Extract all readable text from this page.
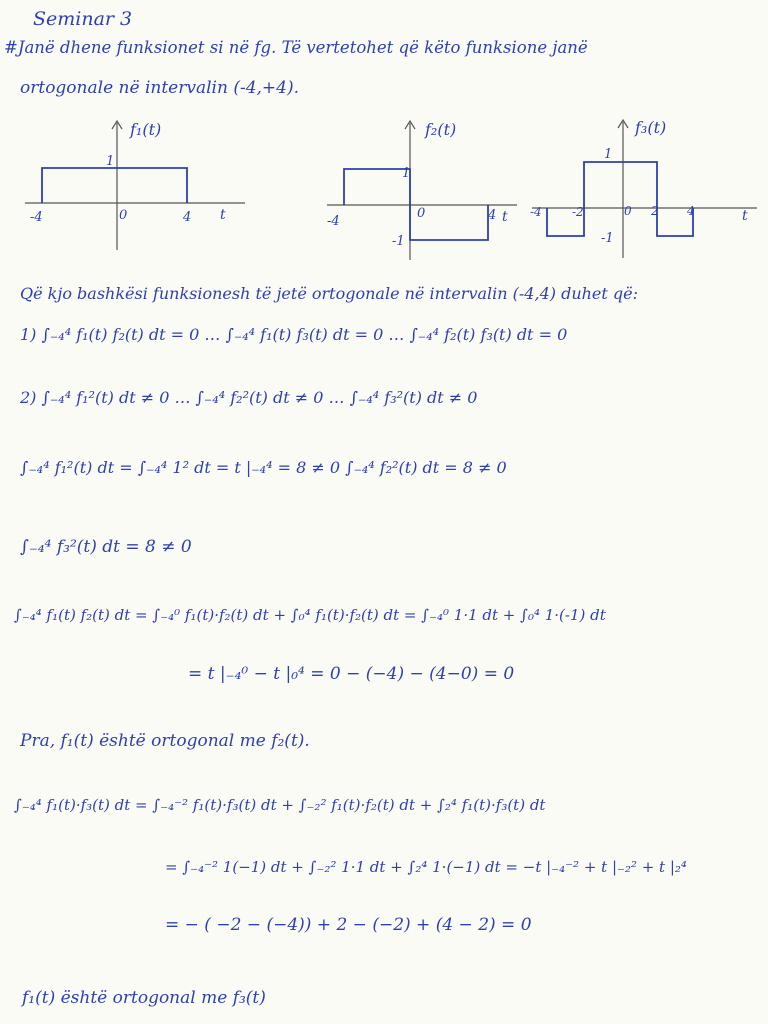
Seminar 3
#Janë dhene funksionet si në fg. Të vertetohet që këto funksione janë
ortogonale në intervalin (-4,+4).
f₁(t)
1
-4	0	4 t
f₂(t)
1
-1
-4
0	4 t
f₃(t)
1
-1
-4	-2	0 2 4	t
Që kjo bashkësi funksionesh të jetë ortogonale në intervalin (-4,4) duhet që:
1) ∫₋₄⁴ f₁(t) f₂(t) dt = 0 … ∫₋₄⁴ f₁(t) f₃(t) dt = 0 … ∫₋₄⁴ f₂(t) f₃(t) dt = 0
2) ∫₋₄⁴ f₁²(t) dt ≠ 0 … ∫₋₄⁴ f₂²(t) dt ≠ 0 … ∫₋₄⁴ f₃²(t) dt ≠ 0
∫₋₄⁴ f₁²(t) dt = ∫₋₄⁴ 1² dt = t |₋₄⁴ = 8 ≠ 0 ∫₋₄⁴ f₂²(t) dt = 8 ≠ 0
∫₋₄⁴ f₃²(t) dt = 8 ≠ 0
∫₋₄⁴ f₁(t) f₂(t) dt = ∫₋₄⁰ f₁(t)·f₂(t) dt + ∫₀⁴ f₁(t)·f₂(t) dt = ∫₋₄⁰ 1·1 dt + ∫₀⁴ 1·(-1) dt
= t |₋₄⁰ − t |₀⁴ = 0 − (−4) − (4−0) = 0
Pra, f₁(t) është ortogonal me f₂(t).
∫₋₄⁴ f₁(t)·f₃(t) dt = ∫₋₄⁻² f₁(t)·f₃(t) dt + ∫₋₂² f₁(t)·f₂(t) dt + ∫₂⁴ f₁(t)·f₃(t) dt
= ∫₋₄⁻² 1(−1) dt + ∫₋₂² 1·1 dt + ∫₂⁴ 1·(−1) dt = −t |₋₄⁻² + t |₋₂² + t |₂⁴
= − ( −2 − (−4)) + 2 − (−2) + (4 − 2) = 0
f₁(t) është ortogonal me f₃(t)
